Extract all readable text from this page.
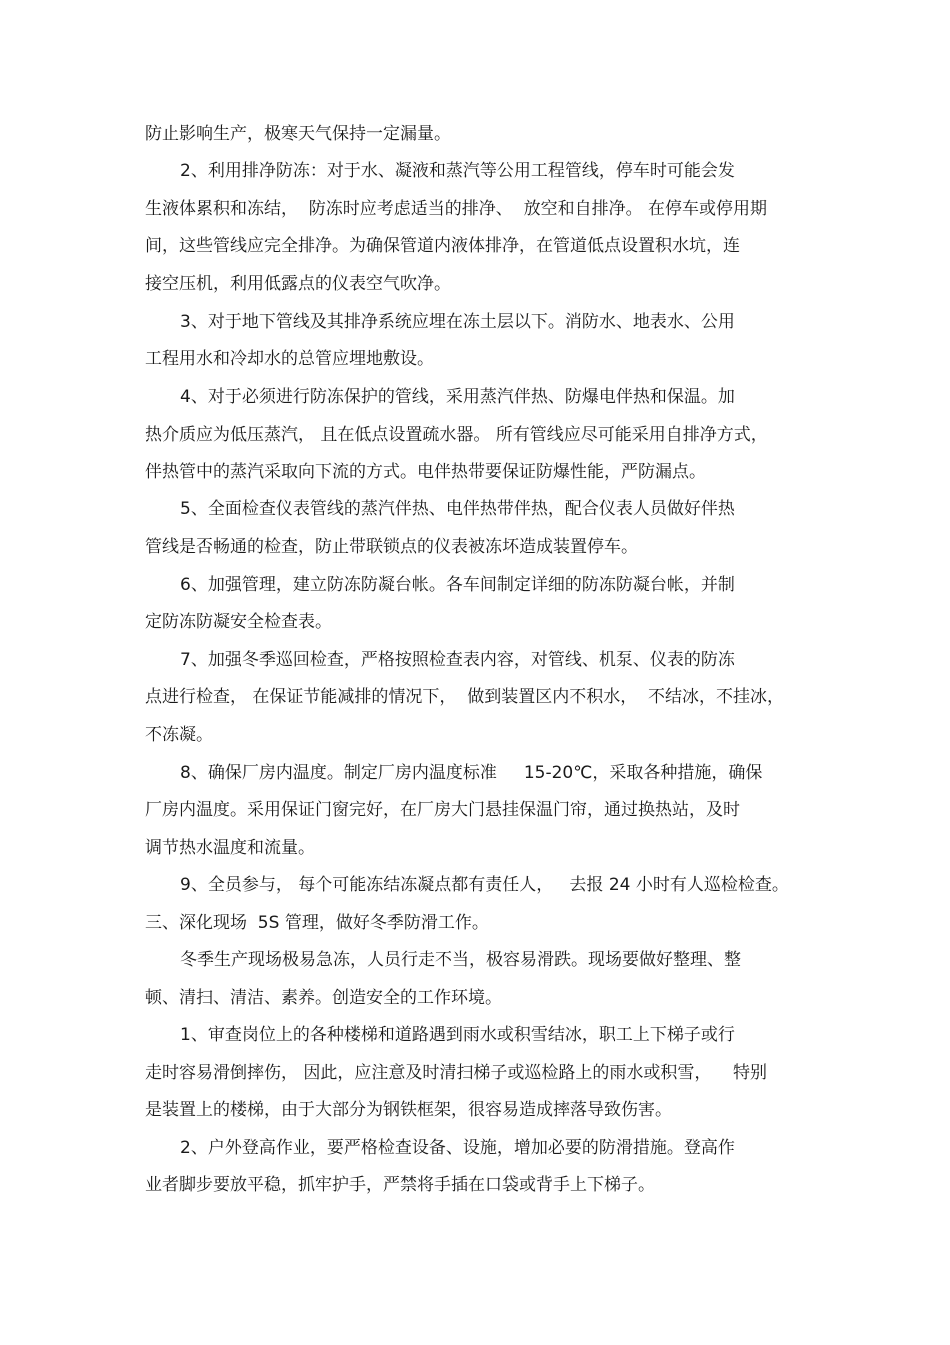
防止影响生产，极寒天气保持一定漏量。
2、利用排净防冻：对于水、凝液和蒸汽等公用工程管线，停车时可能会发
生液体累积和冻结，  防冻时应考虑适当的排净、  放空和自排净。 在停车或停用期
间，这些管线应完全排净。为确保管道内液体排净，在管道低点设置积水坑，连
接空压机，利用低露点的仪表空气吹净。
3、对于地下管线及其排净系统应埋在冻土层以下。消防水、地表水、公用
工程用水和冷却水的总管应埋地敷设。
4、对于必须进行防冻保护的管线，采用蒸汽伴热、防爆电伴热和保温。加
热介质应为低压蒸汽， 且在低点设置疏水器。 所有管线应尽可能采用自排净方式，
伴热管中的蒸汽采取向下流的方式。电伴热带要保证防爆性能，严防漏点。
5、全面检查仪表管线的蒸汽伴热、电伴热带伴热，配合仪表人员做好伴热
管线是否畅通的检查，防止带联锁点的仪表被冻坏造成装置停车。
6、加强管理，建立防冻防凝台帐。各车间制定详细的防冻防凝台帐，并制
定防冻防凝安全检查表。
7、加强冬季巡回检查，严格按照检查表内容，对管线、机泵、仪表的防冻
点进行检查， 在保证节能减排的情况下，  做到装置区内不积水，  不结冰，不挂冰，
不冻凝。
8、确保厂房内温度。制定厂房内温度标准     15-20℃，采取各种措施，确保
厂房内温度。采用保证门窗完好，在厂房大门悬挂保温门帘，通过换热站，及时
调节热水温度和流量。
9、全员参与， 每个可能冻结冻凝点都有责任人，   去报 24 小时有人巡检检查。
三、深化现场  5S 管理，做好冬季防滑工作。
冬季生产现场极易急冻，人员行走不当，极容易滑跌。现场要做好整理、整
顿、清扫、清洁、素养。创造安全的工作环境。
1、审查岗位上的各种楼梯和道路遇到雨水或积雪结冰，职工上下梯子或行
走时容易滑倒摔伤， 因此，应注意及时清扫梯子或巡检路上的雨水或积雪，    特别
是装置上的楼梯，由于大部分为钢铁框架，很容易造成摔落导致伤害。
2、户外登高作业，要严格检查设备、设施，增加必要的防滑措施。登高作
业者脚步要放平稳，抓牢护手，严禁将手插在口袋或背手上下梯子。
